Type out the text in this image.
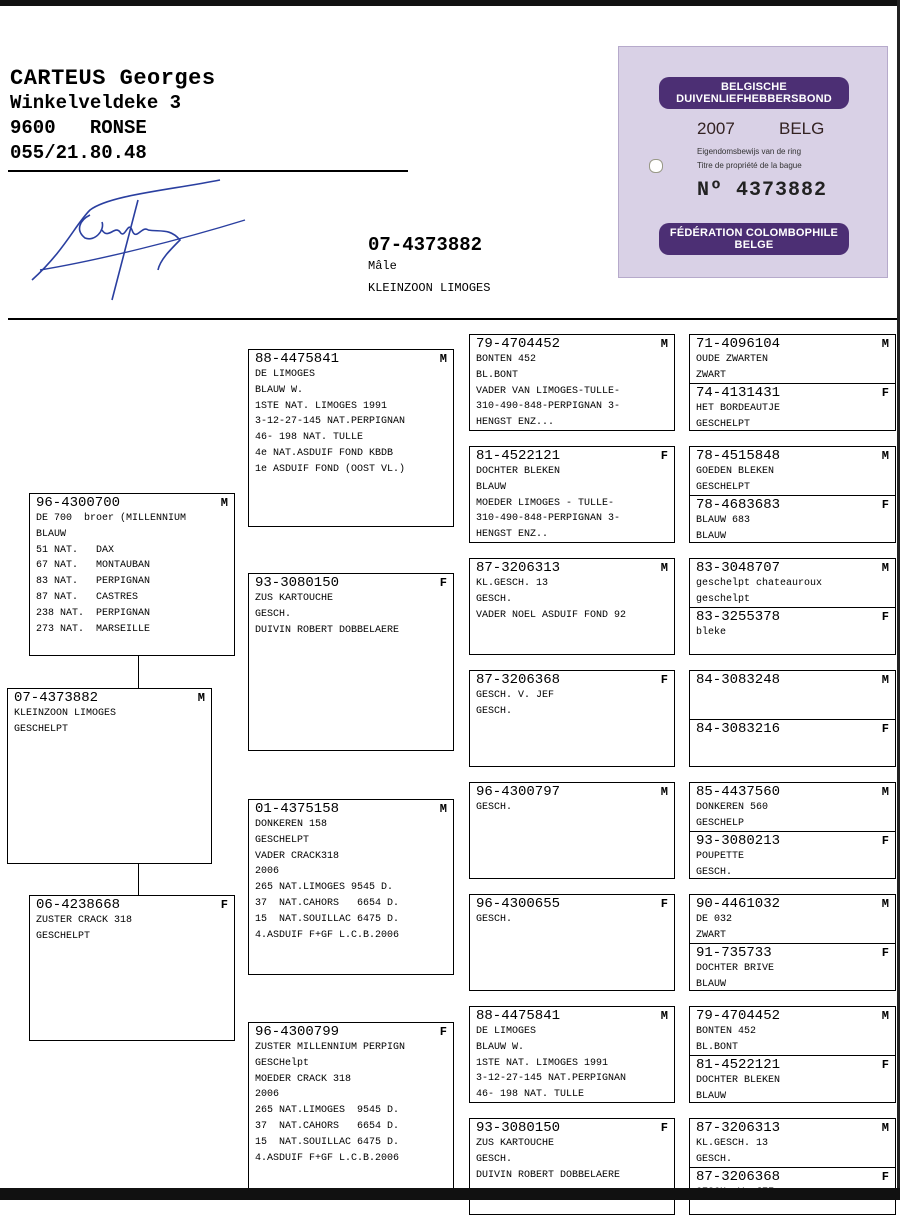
CARTEUS Georges
Winkelveldeke 3
9600   RONSE
055/21.80.48
BELGISCHE DUIVENLIEFHEBBERSBOND
2007	BELG
Eigendomsbewijs van de ring
Titre de propriété de la bague
Nº 4373882
FÉDÉRATION COLOMBOPHILE BELGE
07-4373882
Mâle
KLEINZOON LIMOGES
07-4373882	M
KLEINZOON LIMOGES
GESCHELPT
96-4300700	M
DE 700  broer (MILLENNIUM
BLAUW
51 NAT.   DAX
67 NAT.   MONTAUBAN
83 NAT.   PERPIGNAN
87 NAT.   CASTRES
238 NAT.  PERPIGNAN
273 NAT.  MARSEILLE
06-4238668	F
ZUSTER CRACK 318
GESCHELPT
88-4475841	M
DE LIMOGES
BLAUW W.
1STE NAT. LIMOGES 1991
3-12-27-145 NAT.PERPIGNAN
46- 198 NAT. TULLE
4e NAT.ASDUIF FOND KBDB
1e ASDUIF FOND (OOST VL.)
93-3080150	F
ZUS KARTOUCHE
GESCH.
DUIVIN ROBERT DOBBELAERE
01-4375158	M
DONKEREN 158
GESCHELPT
VADER CRACK318
2006
265 NAT.LIMOGES 9545 D.
37  NAT.CAHORS   6654 D.
15  NAT.SOUILLAC 6475 D.
4.ASDUIF F+GF L.C.B.2006
96-4300799	F
ZUSTER MILLENNIUM PERPIGN
GESCHelpt
MOEDER CRACK 318
2006
265 NAT.LIMOGES  9545 D.
37  NAT.CAHORS   6654 D.
15  NAT.SOUILLAC 6475 D.
4.ASDUIF F+GF L.C.B.2006
79-4704452	M
BONTEN 452
BL.BONT
VADER VAN LIMOGES-TULLE-
310-490-848-PERPIGNAN 3-
HENGST ENZ...
81-4522121	F
DOCHTER BLEKEN
BLAUW
MOEDER LIMOGES - TULLE-
310-490-848-PERPIGNAN 3-
HENGST ENZ..
87-3206313	M
KL.GESCH. 13
GESCH.
VADER NOEL ASDUIF FOND 92
87-3206368	F
GESCH. V. JEF
GESCH.
96-4300797	M
GESCH.
96-4300655	F
GESCH.
88-4475841	M
DE LIMOGES
BLAUW W.
1STE NAT. LIMOGES 1991
3-12-27-145 NAT.PERPIGNAN
46- 198 NAT. TULLE
93-3080150	F
ZUS KARTOUCHE
GESCH.
DUIVIN ROBERT DOBBELAERE
71-4096104	M
OUDE ZWARTEN
ZWART
74-4131431	F
HET BORDEAUTJE
GESCHELPT
78-4515848	M
GOEDEN BLEKEN
GESCHELPT
78-4683683	F
BLAUW 683
BLAUW
83-3048707	M
geschelpt chateauroux
geschelpt
83-3255378	F
bleke
84-3083248	M
84-3083216	F
85-4437560	M
DONKEREN 560
GESCHELP
93-3080213	F
POUPETTE
GESCH.
90-4461032	M
DE 032
ZWART
91-735733	F
DOCHTER BRIVE
BLAUW
79-4704452	M
BONTEN 452
BL.BONT
81-4522121	F
DOCHTER BLEKEN
BLAUW
87-3206313	M
KL.GESCH. 13
GESCH.
87-3206368	F
